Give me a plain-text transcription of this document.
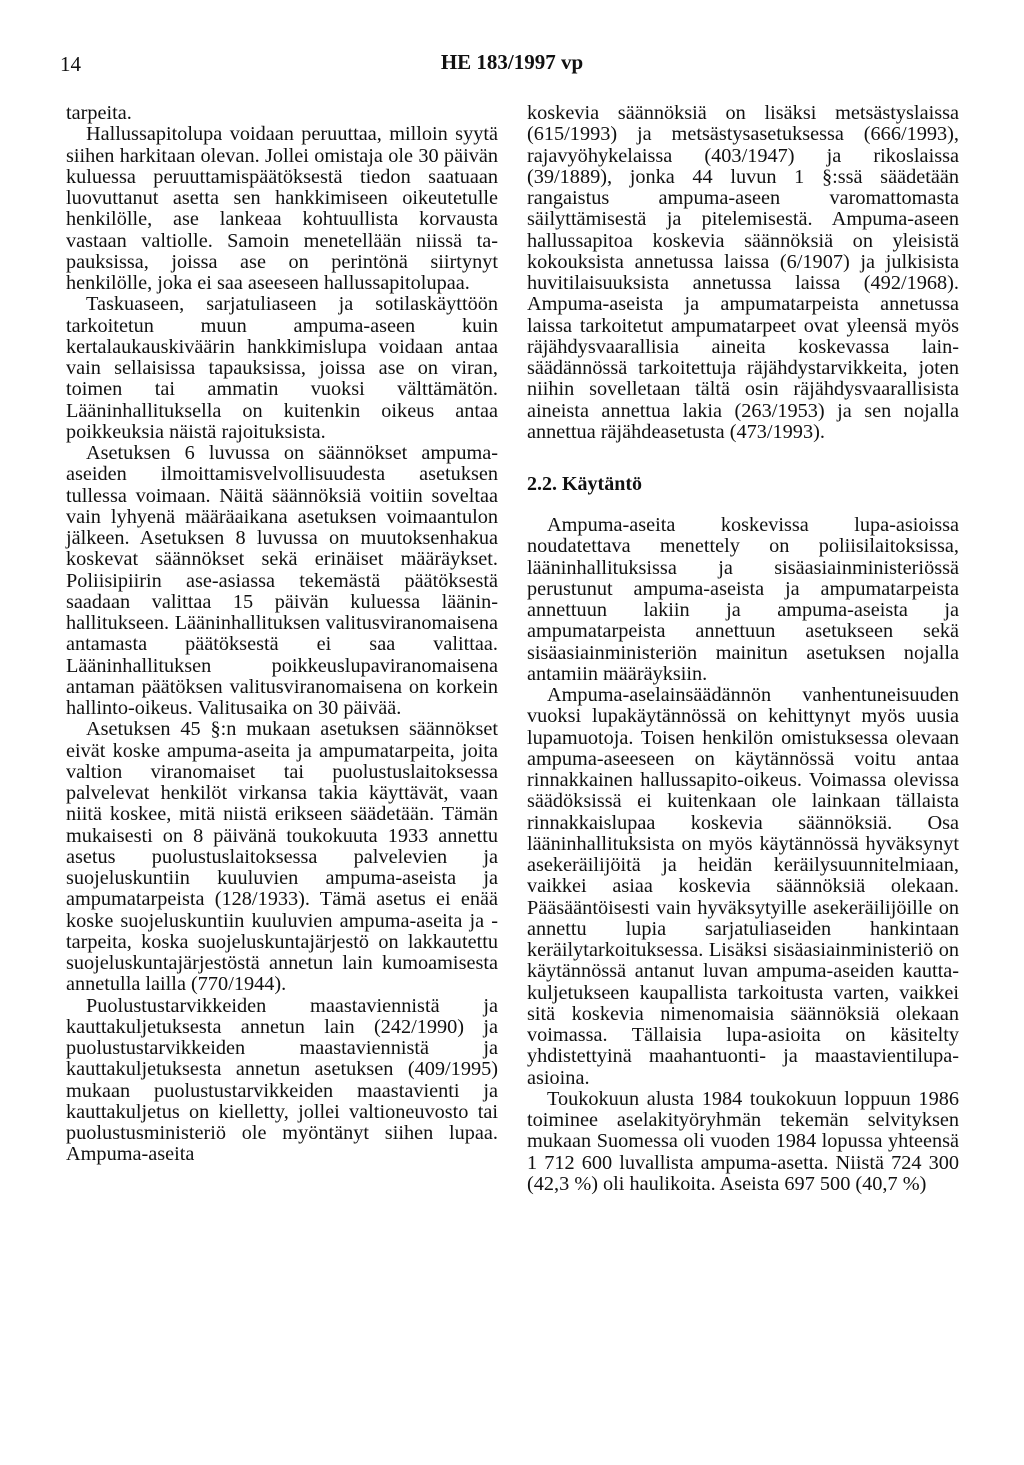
14	HE 183/1997 vp

tarpeita.

Hallussapitolupa voidaan peruuttaa, milloin syytä siihen harkitaan olevan. Jollei omistaja ole 30 päivän kuluessa peruuttamispäätöksestä tiedon saatuaan luovuttanut asetta sen hankkimiseen oikeutetulle henkilölle, ase lankeaa kohtuullista korvausta vastaan valtiolle. Samoin menetellään niissä tapauksissa, joissa ase on perintönä siirtynyt henkilölle, joka ei saa aseeseen hallussapitolupaa.

Taskuaseen, sarjatuliaseen ja sotilaskäyttöön tarkoitetun muun ampuma-aseen kuin kertalaukauskiväärin hankkimislupa voidaan antaa vain sellaisissa tapauksissa, joissa ase on viran, toimen tai ammatin vuoksi välttämätön. Lääninhallituksella on kuitenkin oikeus antaa poikkeuksia näistä rajoituksista.

Asetuksen 6 luvussa on säännökset ampuma-aseiden ilmoittamisvelvollisuudesta asetuksen tullessa voimaan. Näitä säännöksiä voitiin soveltaa vain lyhyenä määräaikana asetuksen voimaantulon jälkeen. Asetuksen 8 luvussa on muutoksenhakua koskevat säännökset sekä erinäiset määräykset. Poliisipiirin ase-asiassa tekemästä päätöksestä saadaan valittaa 15 päivän kuluessa lääninhallitukseen. Lääninhallituksen valitusviranomaisena antamasta päätöksestä ei saa valittaa. Lääninhallituksen poikkeuslupaviranomaisena antaman päätöksen valitusviranomaisena on korkein hallinto-oikeus. Valitusaika on 30 päivää.

Asetuksen 45 §:n mukaan asetuksen säännökset eivät koske ampuma-aseita ja ampumatarpeita, joita valtion viranomaiset tai puolustuslaitoksessa palvelevat henkilöt virkansa takia käyttävät, vaan niitä koskee, mitä niistä erikseen säädetään. Tämän mukaisesti on 8 päivänä toukokuuta 1933 annettu asetus puolustuslaitoksessa palvelevien ja suojeluskuntiin kuuluvien ampuma-aseista ja ampumatarpeista (128/1933). Tämä asetus ei enää koske suojeluskuntiin kuuluvien ampuma-aseita ja -tarpeita, koska suojeluskuntajärjestö on lakkautettu suojeluskuntajärjestöstä annetun lain kumoamisesta annetulla lailla (770/1944).

Puolustustarvikkeiden maastaviennistä ja kauttakuljetuksesta annetun lain (242/1990) ja puolustustarvikkeiden maastaviennistä ja kauttakuljetuksesta annetun asetuksen (409/1995) mukaan puolustustarvikkeiden maastavienti ja kauttakuljetus on kielletty, jollei valtioneuvosto tai puolustusministeriö ole myöntänyt siihen lupaa. Ampuma-aseita

koskevia säännöksiä on lisäksi metsästyslaissa (615/1993) ja metsästysasetuksessa (666/1993), rajavyöhykelaissa (403/1947) ja rikoslaissa (39/1889), jonka 44 luvun 1 §:ssä säädetään rangaistus ampuma-aseen varomattomasta säilyttämisestä ja pitelemisestä. Ampuma-aseen hallussapitoa koskevia säännöksiä on yleisistä kokouksista annetussa laissa (6/1907) ja julkisista huvitilaisuuksista annetussa laissa (492/1968). Ampuma-aseista ja ampumatarpeista annetussa laissa tarkoitetut ampumatarpeet ovat yleensä myös räjähdysvaarallisia aineita koskevassa lainsäädännössä tarkoitettuja räjähdystarvikkeita, joten niihin sovelletaan tältä osin räjähdysvaarallisista aineista annettua lakia (263/1953) ja sen nojalla annettua räjähdeasetusta (473/1993).

2.2. Käytäntö

Ampuma-aseita koskevissa lupa-asioissa noudatettava menettely on poliisilaitoksissa, lääninhallituksissa ja sisäasiainministeriössä perustunut ampuma-aseista ja ampumatarpeista annettuun lakiin ja ampuma-aseista ja ampumatarpeista annettuun asetukseen sekä sisäasiainministeriön mainitun asetuksen nojalla antamiin määräyksiin.

Ampuma-aselainsäädännön vanhentuneisuuden vuoksi lupakäytännössä on kehittynyt myös uusia lupamuotoja. Toisen henkilön omistuksessa olevaan ampuma-aseeseen on käytännössä voitu antaa rinnakkainen hallussapito-oikeus. Voimassa olevissa säädöksissä ei kuitenkaan ole lainkaan tällaista rinnakkaislupaa koskevia säännöksiä. Osa lääninhallituksista on myös käytännössä hyväksynyt asekeräilijöitä ja heidän keräilysuunnitelmiaan, vaikkei asiaa koskevia säännöksiä olekaan. Pääsääntöisesti vain hyväksytyille asekeräilijöille on annettu lupia sarjatuliaseiden hankintaan keräilytarkoituksessa. Lisäksi sisäasiainministeriö on käytännössä antanut luvan ampuma-aseiden kauttakuljetukseen kaupallista tarkoitusta varten, vaikkei sitä koskevia nimenomaisia säännöksiä olekaan voimassa. Tällaisia lupa-asioita on käsitelty yhdistettyinä maahantuonti- ja maastavientilupa-asioina.

Toukokuun alusta 1984 toukokuun loppuun 1986 toiminee aselakityöryhmän tekemän selvityksen mukaan Suomessa oli vuoden 1984 lopussa yhteensä 1 712 600 luvallista ampuma-asetta. Niistä 724 300 (42,3 %) oli haulikoita. Aseista 697 500 (40,7 %)
